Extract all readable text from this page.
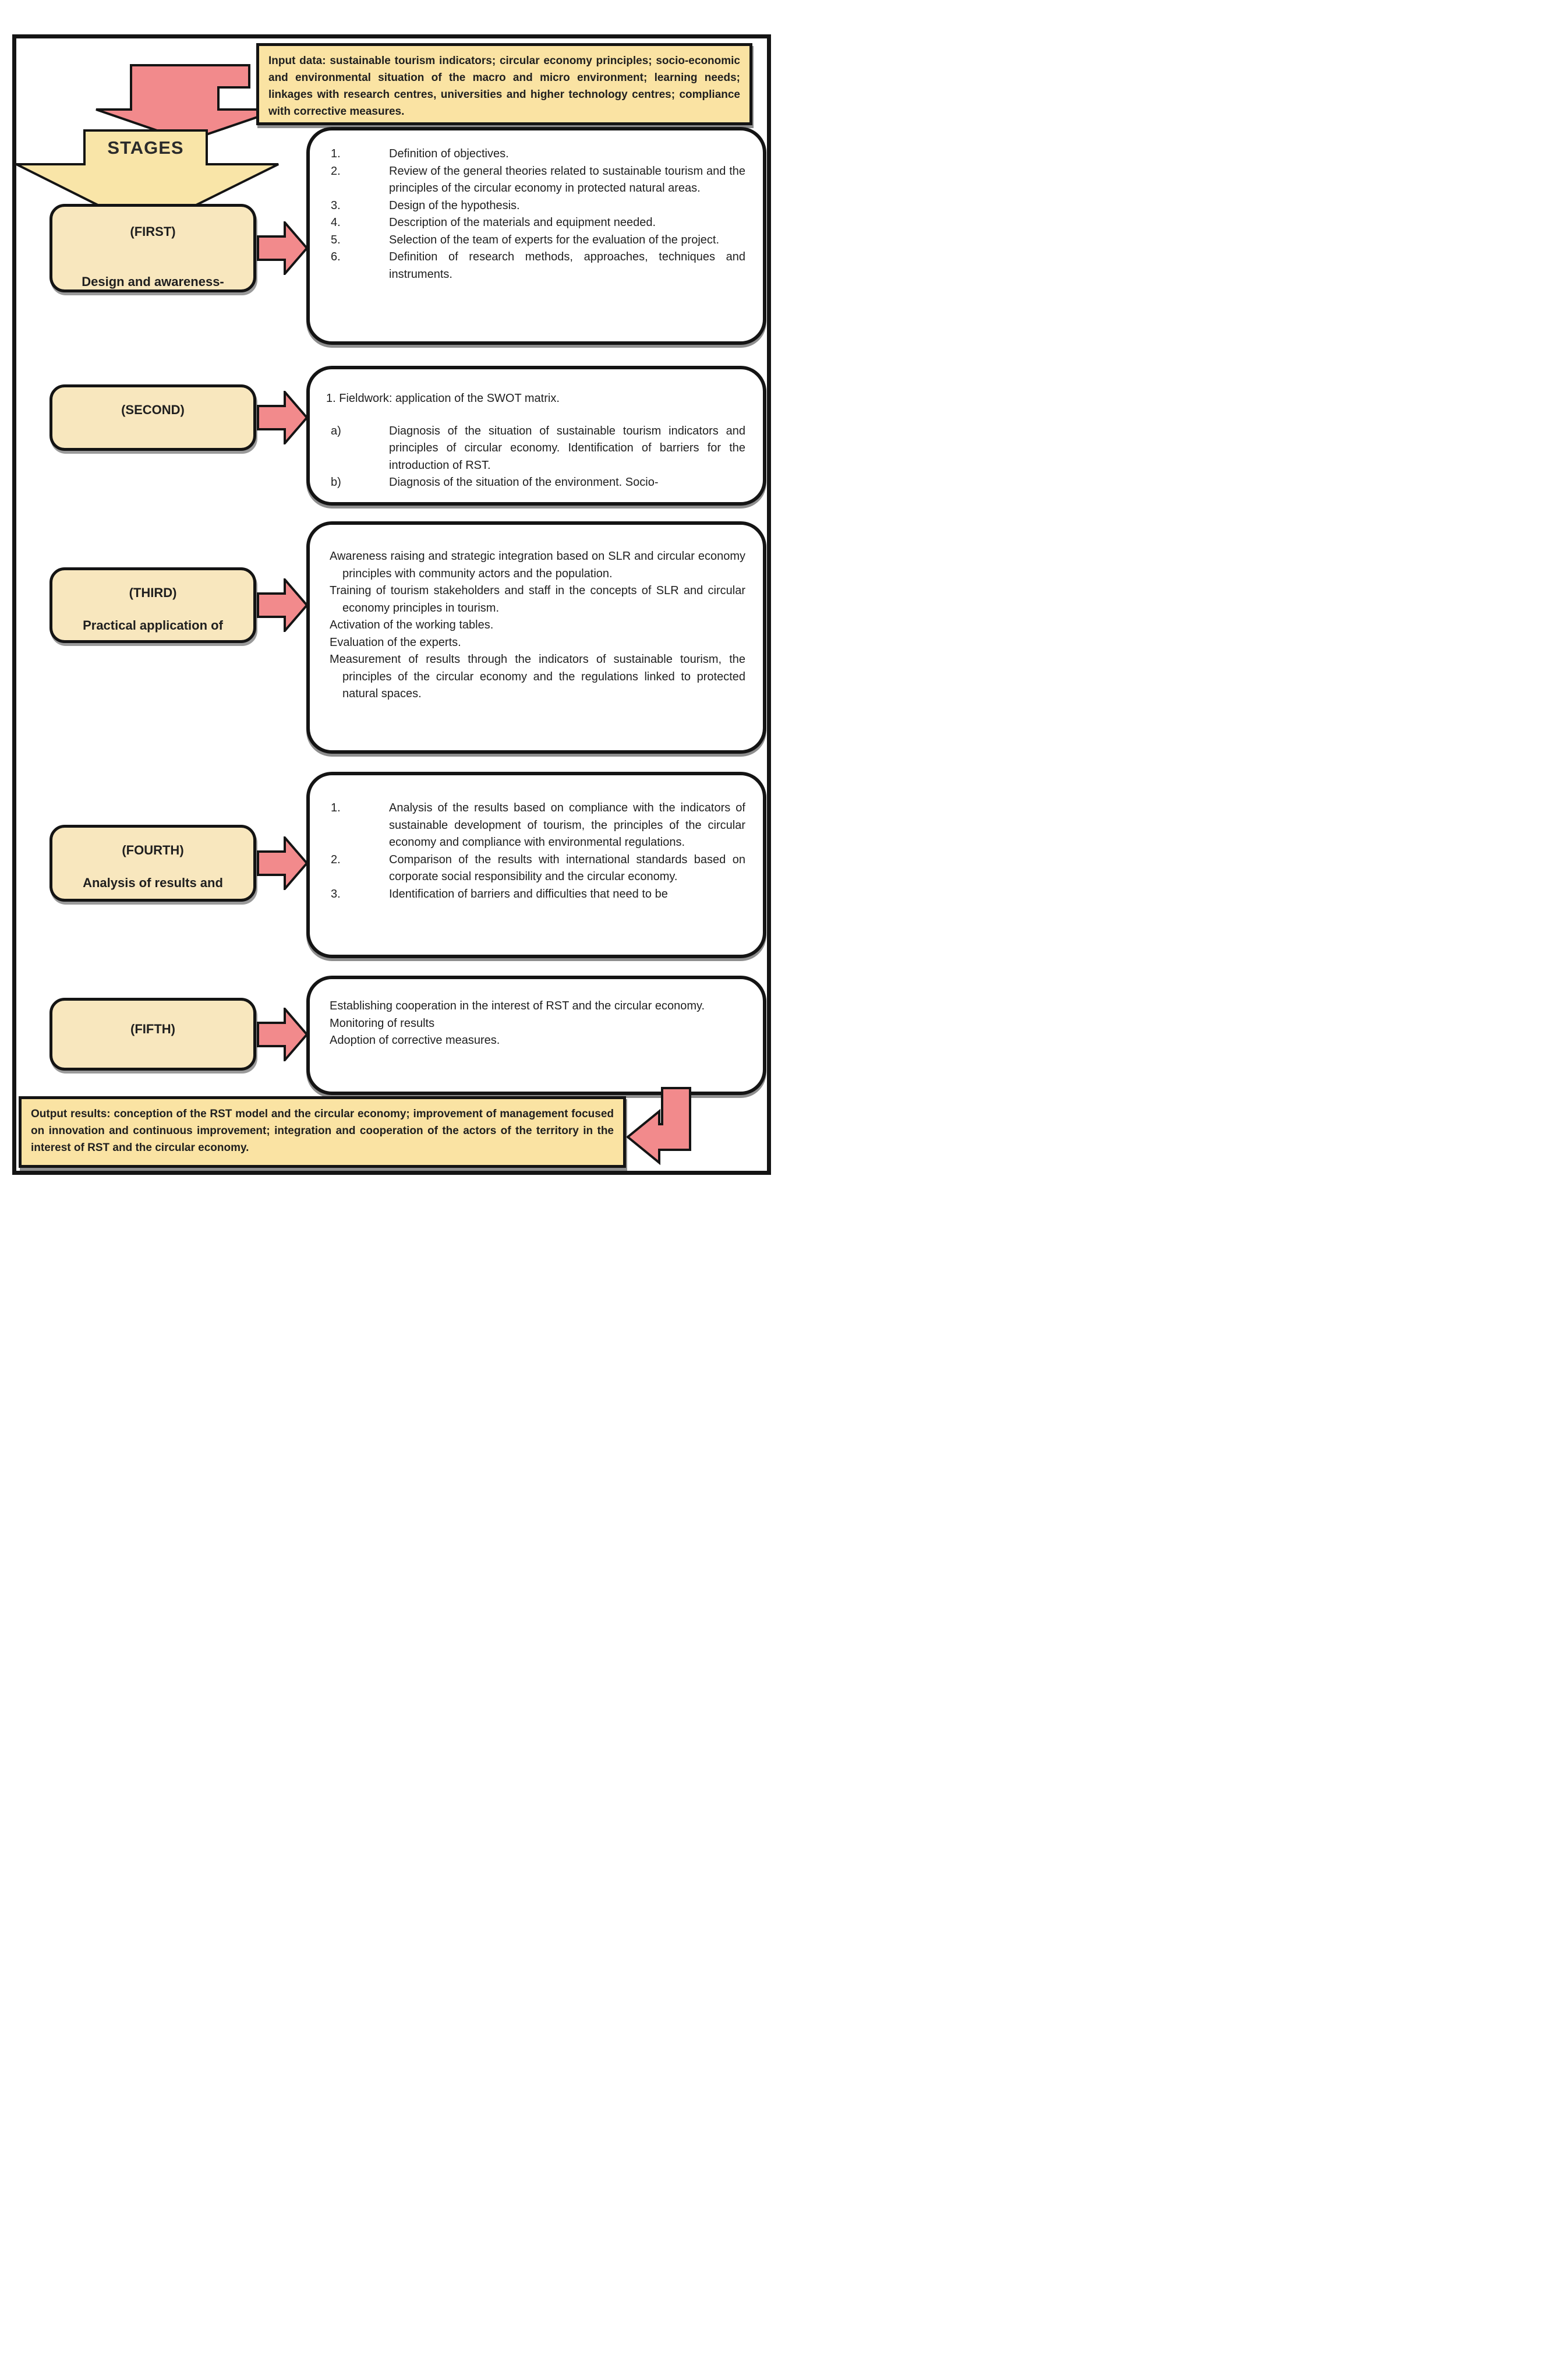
Input data: sustainable tourism indicators; circular economy principles; socio-economic and environmental situation of the macro and micro environment; learning needs; linkages with research centres, universities and higher technology centres; compliance with corrective measures.
STAGES
(FIRST)
Design and awareness-
1.	Definition of objectives.
2.	Review of the general theories related to sustainable tourism and the principles of the circular economy in protected natural areas.
3.	Design of the hypothesis.
4.	Description of the materials and equipment needed.
5.	Selection of the team of experts for the evaluation of the project.
6.	Definition of research methods, approaches, techniques and instruments.
(SECOND)
1. Fieldwork: application of the SWOT matrix.
a)	Diagnosis of the situation of sustainable tourism indicators and principles of circular economy. Identification of barriers for the introduction of RST.
b)	Diagnosis of the situation of the environment. Socio-
(THIRD)
Practical application of
Awareness raising and strategic integration based on SLR and circular economy principles with community actors and the population.
Training of tourism stakeholders and staff in the concepts of SLR and circular economy principles in tourism.
Activation of the working tables.
Evaluation of the experts.
Measurement of results through the indicators of sustainable tourism, the principles of the circular economy and the regulations linked to protected natural spaces.
(FOURTH)
Analysis of results and
1.	Analysis of the results based on compliance with the indicators of sustainable development of tourism, the principles of the circular economy and compliance with environmental regulations.
2.	Comparison of the results with international standards based on corporate social responsibility and the circular economy.
3.	Identification of barriers and difficulties that need to be
(FIFTH)
Establishing cooperation in the interest of RST and the circular economy.
Monitoring of results
Adoption of corrective measures.
Output results: conception of the RST model and the circular economy; improvement of management focused on innovation and continuous improvement; integration and cooperation of the actors of the territory in the interest of RST and the circular economy.
